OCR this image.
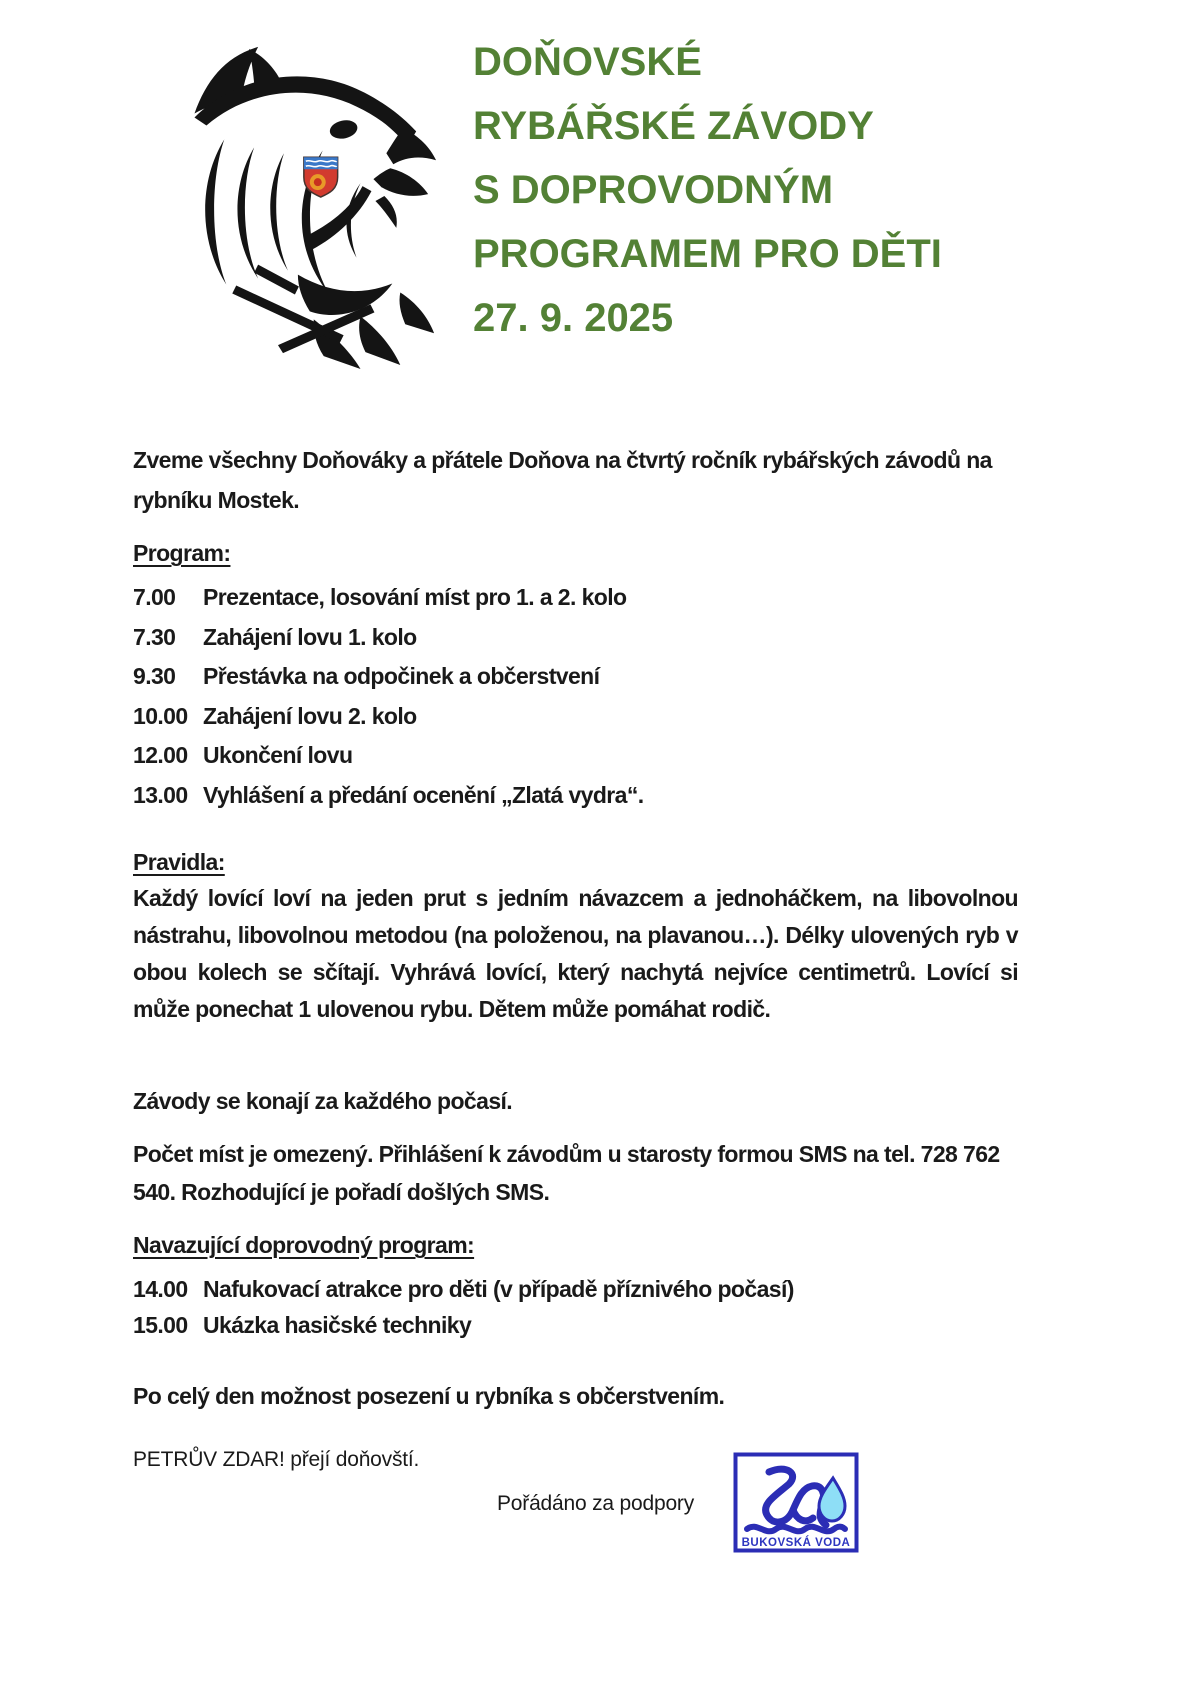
DOŇOVSKÉ
RYBÁŘSKÉ ZÁVODY
S DOPROVODNÝM
PROGRAMEM PRO DĚTI
27. 9. 2025

Zveme všechny Doňováky a přátele Doňova na čtvrtý ročník rybářských závodů na rybníku Mostek.

Program:
7.00	Prezentace, losování míst pro 1. a 2. kolo
7.30	Zahájení lovu 1. kolo
9.30	Přestávka na odpočinek a občerstvení
10.00 Zahájení lovu 2. kolo
12.00 Ukončení lovu
13.00 Vyhlášení a předání ocenění „Zlatá vydra“.
Pravidla:

Každý lovící loví na jeden prut s jedním návazcem a jednoháčkem, na libovolnou nástrahu, libovolnou metodou (na položenou, na plavanou…). Délky ulovených ryb v obou kolech se sčítají. Vyhrává lovící, který nachytá nejvíce centimetrů. Lovící si může ponechat 1 ulovenou rybu. Dětem může pomáhat rodič.

Závody se konají za každého počasí.

Počet míst je omezený. Přihlášení k závodům u starosty formou SMS na tel. 728 762 540. Rozhodující je pořadí došlých SMS.

Navazující doprovodný program:
14.00 Nafukovací atrakce pro děti (v případě příznivého počasí)
15.00 Ukázka hasičské techniky

Po celý den možnost posezení u rybníka s občerstvením.

PETRŮV ZDAR! přejí doňovští.

Pořádáno za podpory

BUKOVSKÁ VODA
